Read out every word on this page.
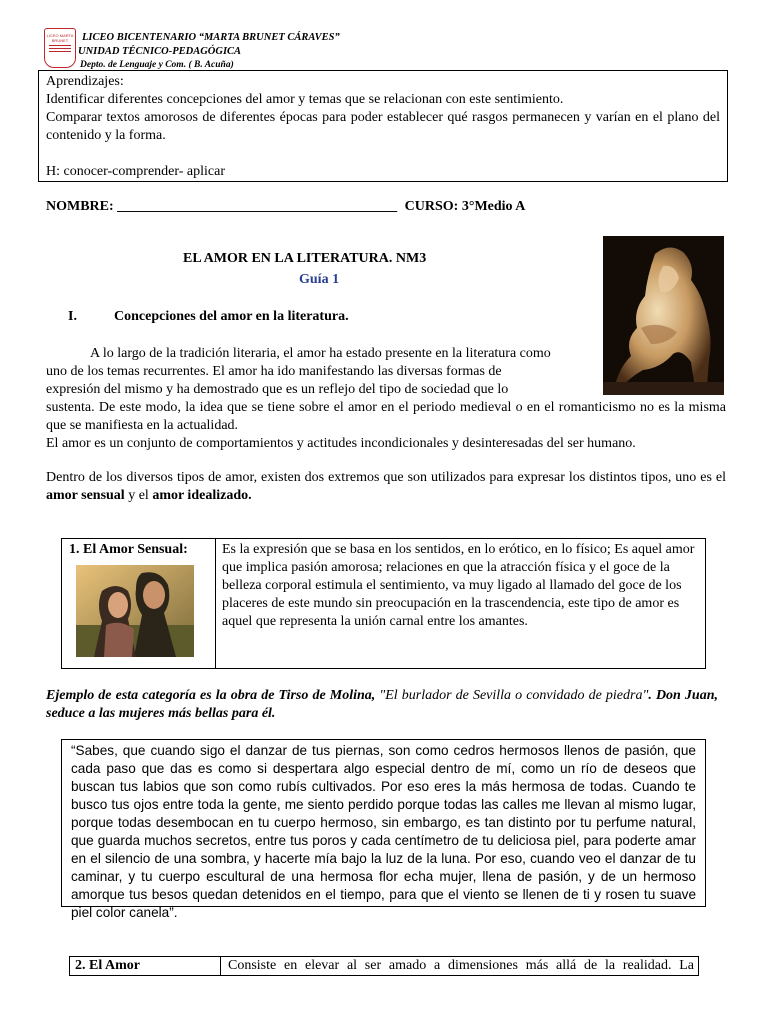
LICEO MARTA BRUNET	LICEO BICENTENARIO “MARTA BRUNET CÁRAVES”
UNIDAD TÉCNICO-PEDAGÓGICA
Depto. de Lenguaje y Com. ( B. Acuña)

Aprendizajes:

Identificar diferentes concepciones del amor y temas que se relacionan con este sentimiento.

Comparar textos amorosos de diferentes épocas para poder establecer qué rasgos permanecen y varían en el plano del contenido y la forma.

H: conocer-comprender- aplicar

NOMBRE: ________________________________________ CURSO: 3°Medio A
EL AMOR EN LA LITERATURA. NM3
Guía 1
I.	Concepciones del amor en la literatura.

A lo largo de la tradición literaria, el amor ha estado presente en la literatura como

uno de los temas recurrentes. El amor ha ido manifestando las diversas formas de

expresión del mismo y ha demostrado que es un reflejo del tipo de sociedad que lo

sustenta. De este modo, la idea que se tiene sobre el amor en el periodo medieval o en el romanticismo no es la misma que se manifiesta en la actualidad.

El amor es un conjunto de comportamientos y actitudes incondicionales y desinteresadas del ser humano.

Dentro de los diversos tipos de amor, existen dos extremos que son utilizados para expresar los distintos tipos, uno es el amor sensual y el amor idealizado.
1. El Amor Sensual: Es la expresión que se basa en los sentidos, en lo erótico, en lo físico; Es aquel amor que implica pasión amorosa; relaciones en que la atracción física y el goce de la belleza corporal estimula el sentimiento, va muy ligado al llamado del goce de los placeres de este mundo sin preocupación en la trascendencia, este tipo de amor es aquel que representa la unión carnal entre los amantes.
Ejemplo de esta categoría es la obra de Tirso de Molina, "El burlador de Sevilla o convidado de piedra". Don Juan, seduce a las mujeres más bellas para él.
“Sabes, que cuando sigo el danzar de tus piernas, son como cedros hermosos llenos de pasión, que cada paso que das es como si despertara algo especial dentro de mí, como un río de deseos que buscan tus labios que son como rubís cultivados. Por eso eres la más hermosa de todas. Cuando te busco tus ojos entre toda la gente, me siento perdido porque todas las calles me llevan al mismo lugar, porque todas desembocan en tu cuerpo hermoso, sin embargo, es tan distinto por tu perfume natural, que guarda muchos secretos, entre tus poros y cada centímetro de tu deliciosa piel, para poderte amar en el silencio de una sombra, y hacerte mía bajo la luz de la luna. Por eso, cuando veo el danzar de tu caminar, y tu cuerpo escultural de una hermosa flor echa mujer, llena de pasión, y de un hermoso amorque tus besos quedan detenidos en el tiempo, para que el viento se llenen de ti y rosen tu suave piel color canela”.
2. El Amor	Consiste en elevar al ser amado a dimensiones más allá de la realidad. La
